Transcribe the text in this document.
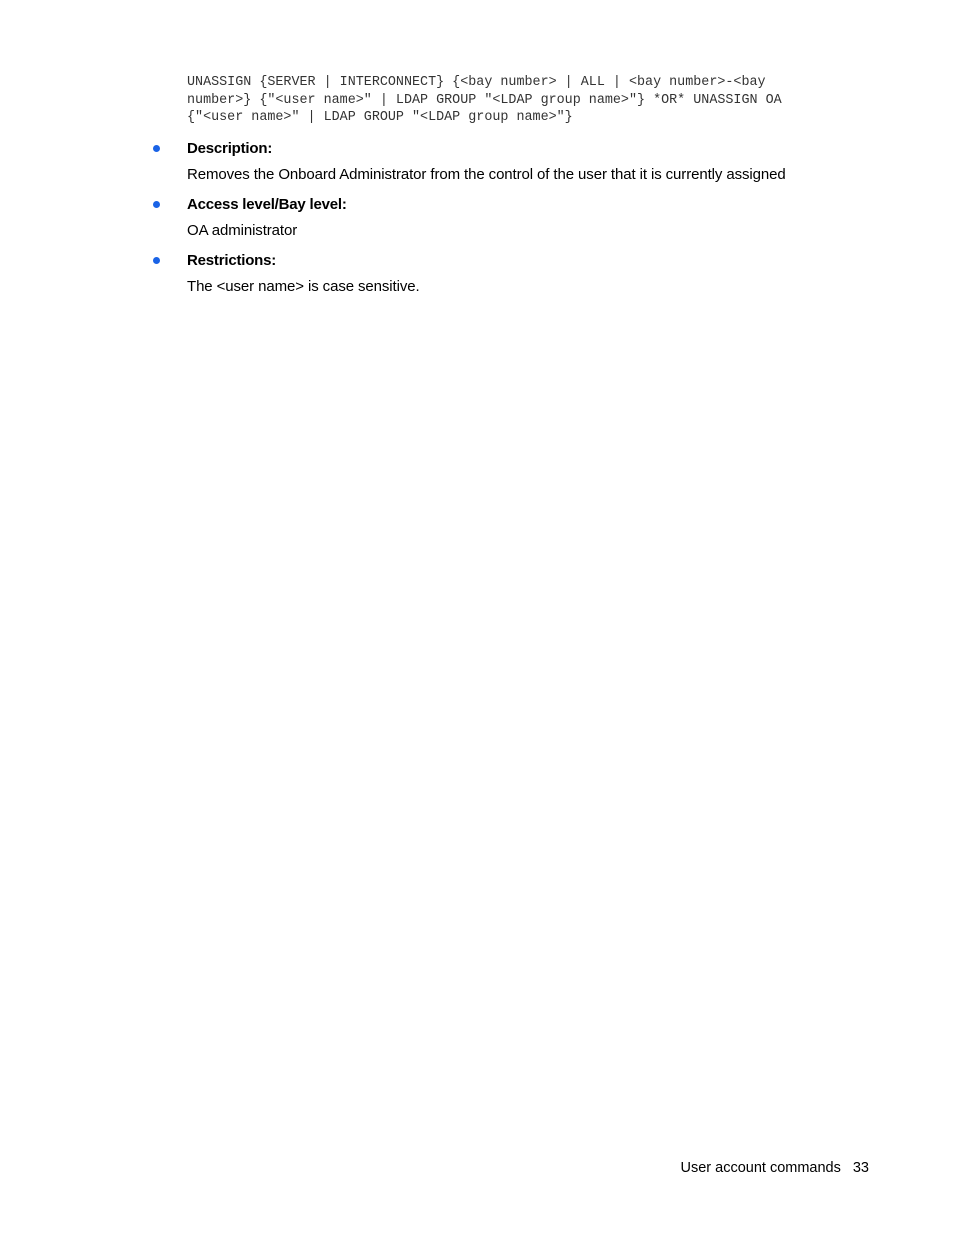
UNASSIGN {SERVER | INTERCONNECT} {<bay number> | ALL | <bay number>-<bay
number>} {"<user name>" | LDAP GROUP "<LDAP group name>"} *OR* UNASSIGN OA
{"<user name>" | LDAP GROUP "<LDAP group name>"}
Description:
Removes the Onboard Administrator from the control of the user that it is currently assigned
Access level/Bay level:
OA administrator
Restrictions:
The <user name> is case sensitive.
User account commands 33
